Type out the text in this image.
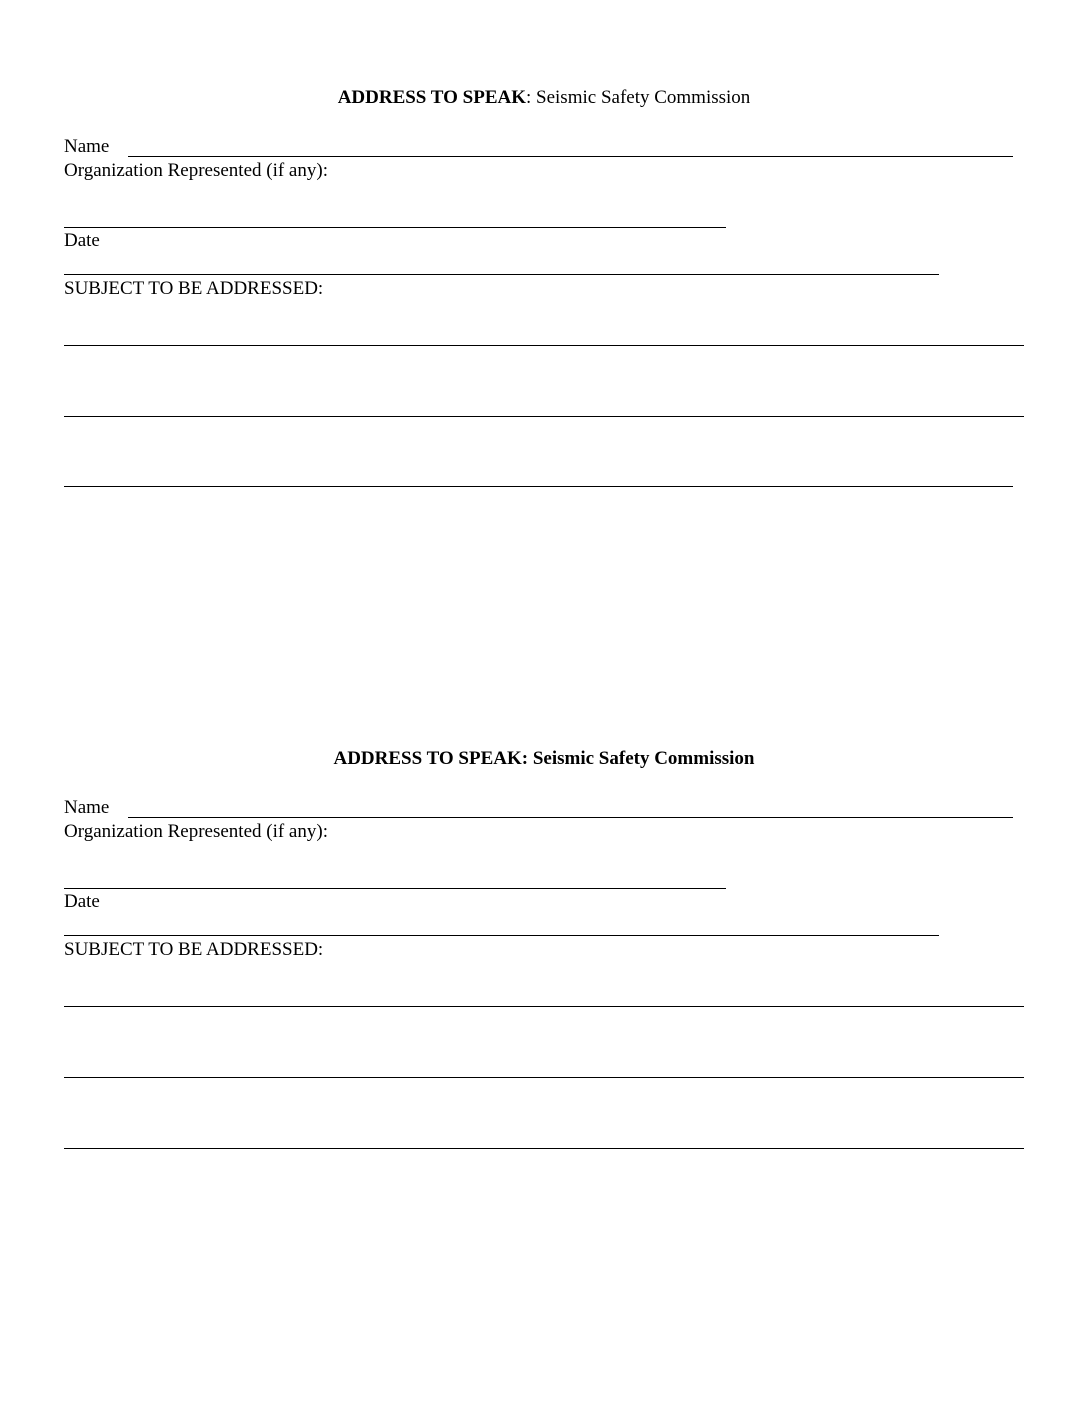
ADDRESS TO SPEAK: Seismic Safety Commission
Name
Organization Represented (if any):
Date
SUBJECT TO BE ADDRESSED:
ADDRESS TO SPEAK: Seismic Safety Commission
Name
Organization Represented (if any):
Date
SUBJECT TO BE ADDRESSED:
